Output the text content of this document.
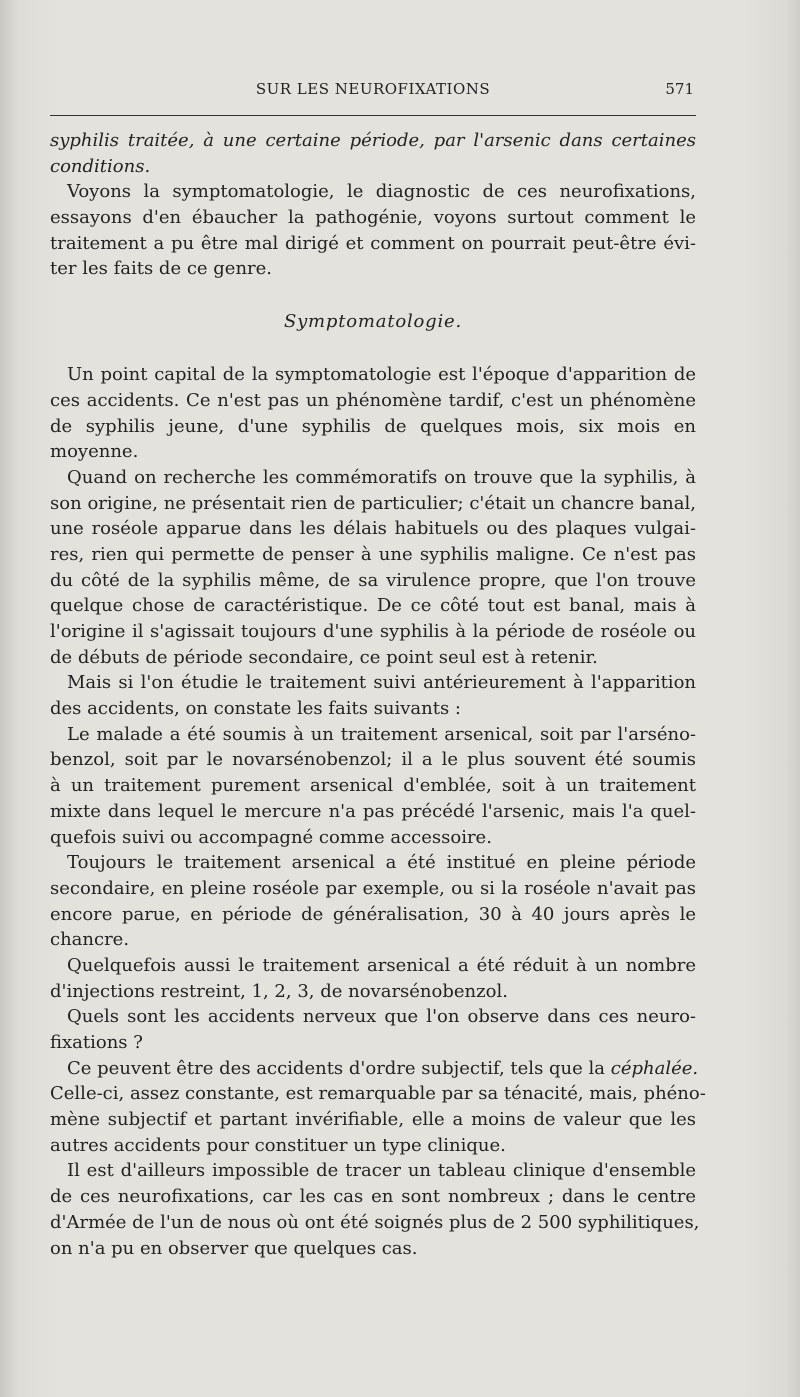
SUR LES NEUROFIXATIONS	571
syphilis traitée, à une certaine période, par l'arsenic dans certaines
conditions.
Voyons la symptomatologie, le diagnostic de ces neurofixations,
essayons d'en ébaucher la pathogénie, voyons surtout comment le
traitement a pu être mal dirigé et comment on pourrait peut-être évi-
ter les faits de ce genre.
Symptomatologie.
Un point capital de la symptomatologie est l'époque d'apparition de
ces accidents. Ce n'est pas un phénomène tardif, c'est un phénomène
de syphilis jeune, d'une syphilis de quelques mois, six mois en
moyenne.
Quand on recherche les commémoratifs on trouve que la syphilis, à
son origine, ne présentait rien de particulier; c'était un chancre banal,
une roséole apparue dans les délais habituels ou des plaques vulgai-
res, rien qui permette de penser à une syphilis maligne. Ce n'est pas
du côté de la syphilis même, de sa virulence propre, que l'on trouve
quelque chose de caractéristique. De ce côté tout est banal, mais à
l'origine il s'agissait toujours d'une syphilis à la période de roséole ou
de débuts de période secondaire, ce point seul est à retenir.
Mais si l'on étudie le traitement suivi antérieurement à l'apparition
des accidents, on constate les faits suivants :
Le malade a été soumis à un traitement arsenical, soit par l'arséno-
benzol, soit par le novarsénobenzol; il a le plus souvent été soumis
à un traitement purement arsenical d'emblée, soit à un traitement
mixte dans lequel le mercure n'a pas précédé l'arsenic, mais l'a quel-
quefois suivi ou accompagné comme accessoire.
Toujours le traitement arsenical a été institué en pleine période
secondaire, en pleine roséole par exemple, ou si la roséole n'avait pas
encore parue, en période de généralisation, 30 à 40 jours après le
chancre.
Quelquefois aussi le traitement arsenical a été réduit à un nombre
d'injections restreint, 1, 2, 3, de novarsénobenzol.
Quels sont les accidents nerveux que l'on observe dans ces neuro-
fixations ?
Ce peuvent être des accidents d'ordre subjectif, tels que la céphalée.
Celle-ci, assez constante, est remarquable par sa ténacité, mais, phéno-
mène subjectif et partant invérifiable, elle a moins de valeur que les
autres accidents pour constituer un type clinique.
Il est d'ailleurs impossible de tracer un tableau clinique d'ensemble
de ces neurofixations, car les cas en sont nombreux ; dans le centre
d'Armée de l'un de nous où ont été soignés plus de 2 500 syphilitiques,
on n'a pu en observer que quelques cas.
